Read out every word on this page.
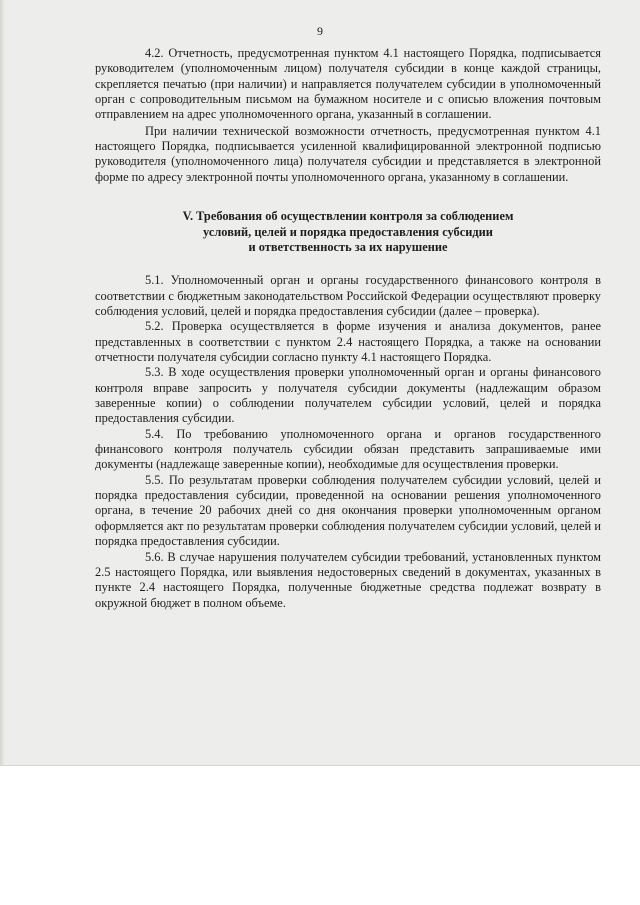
9

4.2. Отчетность, предусмотренная пунктом 4.1 настоящего Порядка, подписывается руководителем (уполномоченным лицом) получателя субсидии в конце каждой страницы, скрепляется печатью (при наличии) и направляется получателем субсидии в уполномоченный орган с сопроводительным письмом на бумажном носителе и с описью вложения почтовым отправлением на адрес уполномоченного органа, указанный в соглашении.

При наличии технической возможности отчетность, предусмотренная пунктом 4.1 настоящего Порядка, подписывается усиленной квалифицированной электронной подписью руководителя (уполномоченного лица) получателя субсидии и представляется в электронной форме по адресу электронной почты уполномоченного органа, указанному в соглашении.

V. Требования об осуществлении контроля за соблюдением
условий, целей и порядка предоставления субсидии
и ответственность за их нарушение

5.1. Уполномоченный орган и органы государственного финансового контроля в соответствии с бюджетным законодательством Российской Федерации осуществляют проверку соблюдения условий, целей и порядка предоставления субсидии (далее – проверка).

5.2. Проверка осуществляется в форме изучения и анализа документов, ранее представленных в соответствии с пунктом 2.4 настоящего Порядка, а также на основании отчетности получателя субсидии согласно пункту 4.1 настоящего Порядка.

5.3. В ходе осуществления проверки уполномоченный орган и органы финансового контроля вправе запросить у получателя субсидии документы (надлежащим образом заверенные копии) о соблюдении получателем субсидии условий, целей и порядка предоставления субсидии.

5.4. По требованию уполномоченного органа и органов государственного финансового контроля получатель субсидии обязан представить запрашиваемые ими документы (надлежаще заверенные копии), необходимые для осуществления проверки.

5.5. По результатам проверки соблюдения получателем субсидии условий, целей и порядка предоставления субсидии, проведенной на основании решения уполномоченного органа, в течение 20 рабочих дней со дня окончания проверки уполномоченным органом оформляется акт по результатам проверки соблюдения получателем субсидии условий, целей и порядка предоставления субсидии.

5.6. В случае нарушения получателем субсидии требований, установленных пунктом 2.5 настоящего Порядка, или выявления недостоверных сведений в документах, указанных в пункте 2.4 настоящего Порядка, полученные бюджетные средства подлежат возврату в окружной бюджет в полном объеме.
